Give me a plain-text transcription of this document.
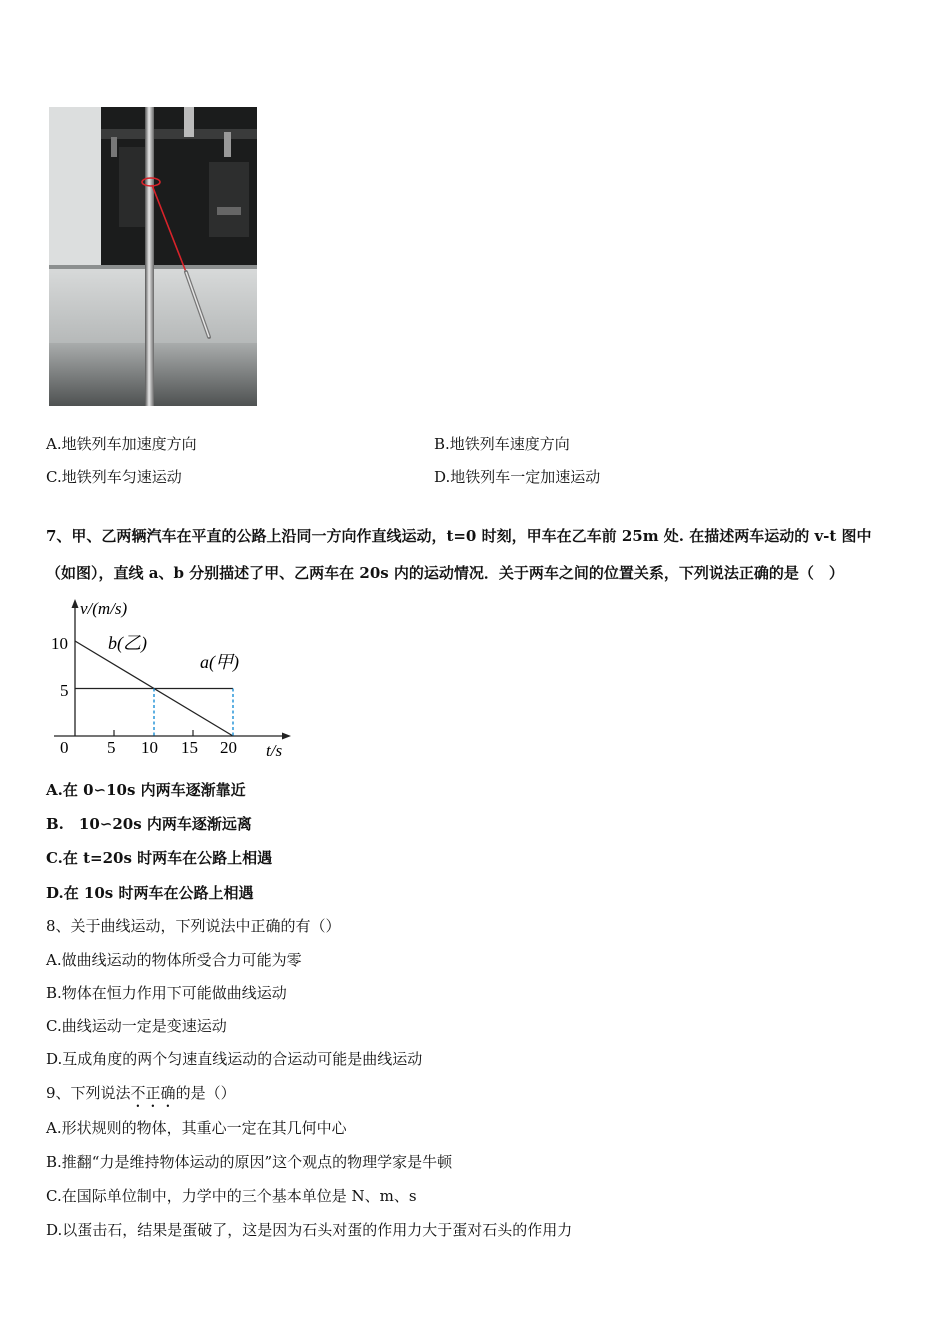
A.地铁列车加速度方向	B.地铁列车速度方向
C.地铁列车匀速运动	D.地铁列车一定加速运动
7、甲、乙两辆汽车在平直的公路上沿同一方向作直线运动，t=0 时刻，甲车在乙车前 25m 处. 在描述两车运动的 v-t 图中
（如图），直线 a、b 分别描述了甲、乙两车在 20s 内的运动情况．关于两车之间的位置关系，下列说法正确的是（　）
v/(m/s)
t/s
10
5
0 5 10 15 20
b(乙)
a(甲)
A.在 0∽10s 内两车逐渐靠近
B.　10∽20s 内两车逐渐远离
C.在 t=20s 时两车在公路上相遇
D.在 10s 时两车在公路上相遇
8、关于曲线运动，下列说法中正确的有（）
A.做曲线运动的物体所受合力可能为零
B.物体在恒力作用下可能做曲线运动
C.曲线运动一定是变速运动
D.互成角度的两个匀速直线运动的合运动可能是曲线运动
9、下列说法不正确的是（）
A.形状规则的物体，其重心一定在其几何中心
B.推翻“力是维持物体运动的原因”这个观点的物理学家是牛顿
C.在国际单位制中，力学中的三个基本单位是 N、m、s
D.以蛋击石，结果是蛋破了，这是因为石头对蛋的作用力大于蛋对石头的作用力
